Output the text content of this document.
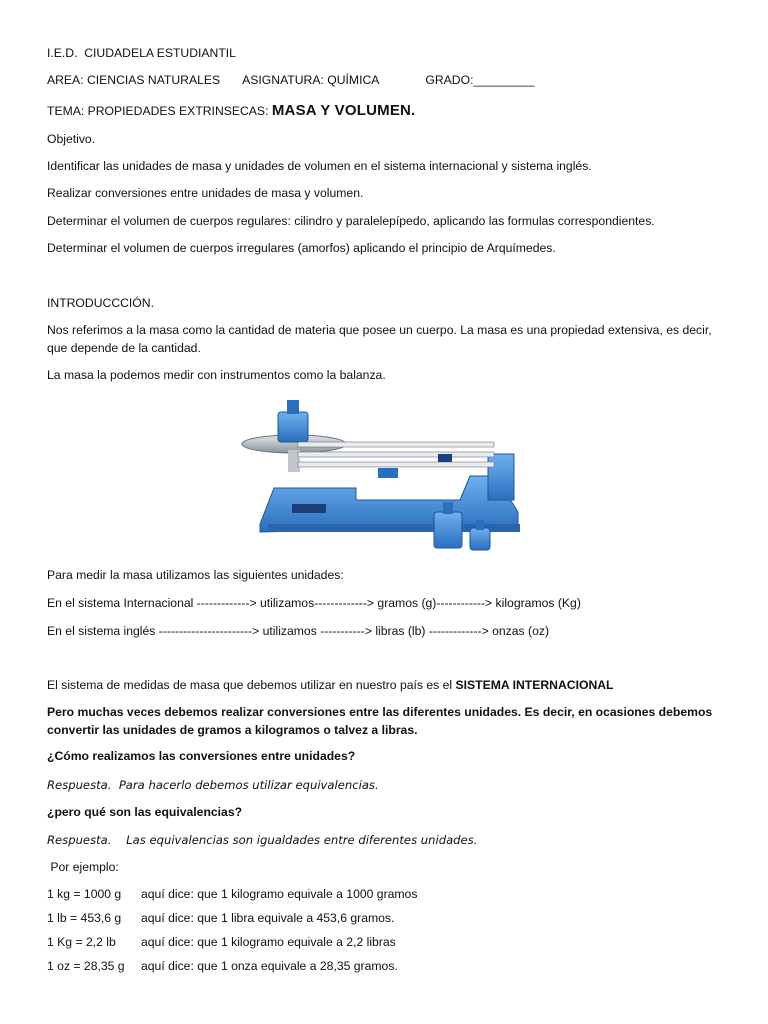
I.E.D.  CIUDADELA ESTUDIANTIL
AREA: CIENCIAS NATURALES ASIGNATURA: QUÍMICA	GRADO:_________
TEMA: PROPIEDADES EXTRINSECAS: MASA Y VOLUMEN.
Objetivo.
Identificar las unidades de masa y unidades de volumen en el sistema internacional y sistema inglés.
Realizar conversiones entre unidades de masa y volumen.
Determinar el volumen de cuerpos regulares: cilindro y paralelepípedo, aplicando las formulas correspondientes.
Determinar el volumen de cuerpos irregulares (amorfos) aplicando el principio de Arquímedes.
INTRODUCCCIÓN.
Nos referimos a la masa como la cantidad de materia que posee un cuerpo. La masa es una propiedad extensiva, es decir, que depende de la cantidad.
La masa la podemos medir con instrumentos como la balanza.
Para medir la masa utilizamos las siguientes unidades:
En el sistema Internacional -------------> utilizamos-------------> gramos (g)------------> kilogramos (Kg)
En el sistema inglés -----------------------> utilizamos -----------> libras (lb) -------------> onzas (oz)
El sistema de medidas de masa que debemos utilizar en nuestro país es el SISTEMA INTERNACIONAL
Pero muchas veces debemos realizar conversiones entre las diferentes unidades. Es decir, en ocasiones debemos convertir las unidades de gramos a kilogramos o talvez a libras.
¿Cómo realizamos las conversiones entre unidades?
Respuesta.  Para hacerlo debemos utilizar equivalencias.
¿pero qué son las equivalencias?
Respuesta.    Las equivalencias son igualdades entre diferentes unidades.
Por ejemplo:
1 kg = 1000 g aquí dice: que 1 kilogramo equivale a 1000 gramos
1 lb = 453,6 g aquí dice: que 1 libra equivale a 453,6 gramos.
1 Kg = 2,2 lb aquí dice: que 1 kilogramo equivale a 2,2 libras
1 oz = 28,35 g aquí dice: que 1 onza equivale a 28,35 gramos.
